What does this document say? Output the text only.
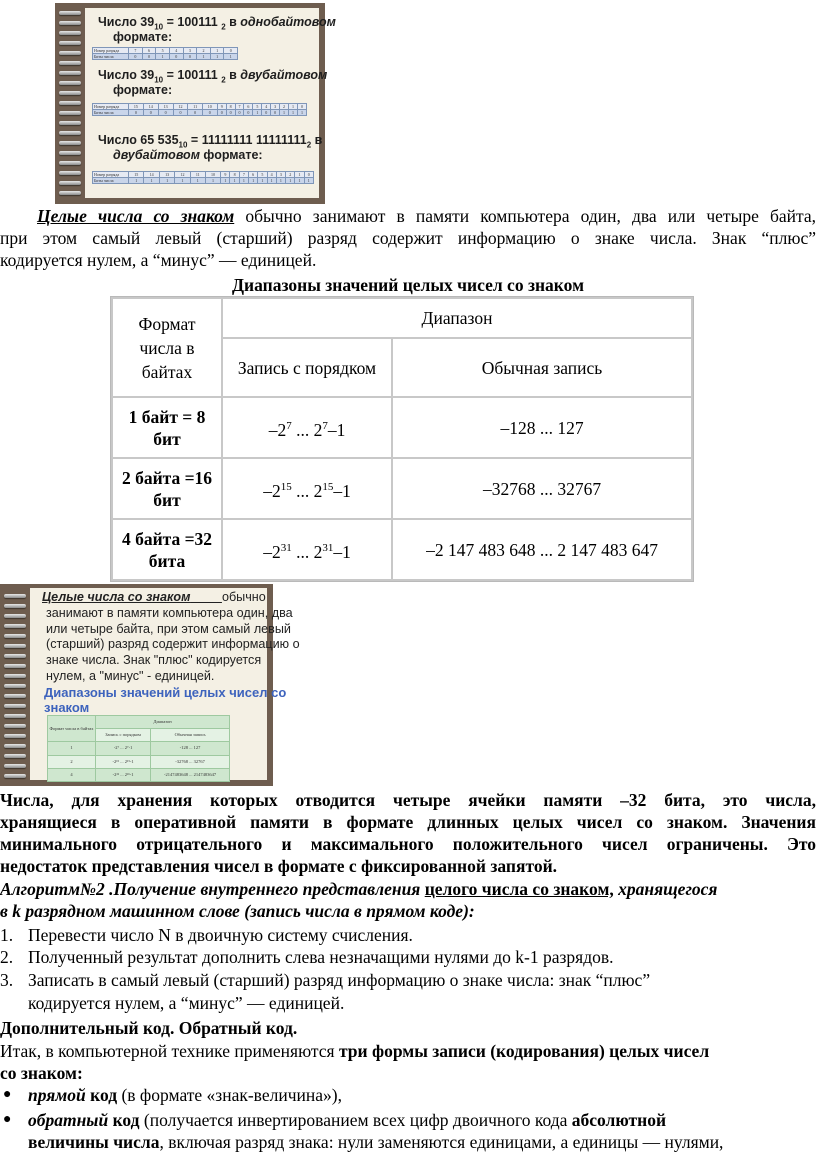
Число $39_{10} = 100111$ $_2$ в однобайтовом
формате:
Номер разряда	7	6	5	4	3	2	1	0
Биты числа	0	0	1	0	0	1	1	1
Число $39_{10} = 100111$ $_2$ в двубайтовом
формате:
Номер разряда	15	14	13	12	11	10	9	8	7	6	5	4	3	2	1	0
Биты числа	0	0	0	0	0	0	0	0	0	0	1	0	0	1	1	1
Число 65 $535_{10} = 11111111$ $11111111_2$ в
двубайтовом формате:
Номер разряда	15	14	13	12	11	10	9	8	7	6	5	4	3	2	1	0
Биты числа	1	1	1	1	1	1	1	1	1	1	1	1	1	1	1	1
Целые числа со знаком обычно занимают в памяти компьютера один, два или четыре байта,
при этом самый левый (старший) разряд содержит информацию о знаке числа. Знак “плюс”
кодируется нулем, а “минус” — единицей.
Диапазоны значений целых чисел со знаком
Формат числа в байтах	Диапазон	
	Запись с порядком	Обычная запись
1 байт = 8 бит	$-2^7$ ... $2^7-1$	–128 ... 127
2 байта =16 бит	$-2^{15}$ ... $2^{15}-1$	–32768 ... 32767
4 байта =32 бита	$-2^{31}$ ... $2^{31}-1$	–2 147 483 648 ... 2 147 483 647
Целые числа со знаком	обычно
занимают в памяти компьютера один, два
или четыре байта, при этом самый левый
(старший) разряд содержит информацию о
знаке числа. Знак "плюс" кодируется
нулем, а "минус" - единицей.
Диапазоны значений целых чисел со
знаком
Формат числа в байтах	Диапазон	
	Запись с порядком	Обычная запись
1	-2⁷ ... 2⁷-1	-128 ... 127
2	-2¹⁵ ... 2¹⁵-1	-32768 ... 32767
4	-2³¹ ... 2³¹-1	-2147483648 ... 2147483647
Числа, для хранения которых отводится четыре ячейки памяти –32 бита, это числа,
хранящиеся в оперативной памяти в формате длинных целых чисел со знаком. Значения
минимального отрицательного и максимального положительного чисел ограничены. Это
недостаток представления чисел в формате с фиксированной запятой.
Алгоритм№2 .Получение внутреннего представления целого числа со знаком, хранящегося
в k разрядном машинном слове (запись числа в прямом коде):
1. Перевести число N в двоичную систему счисления.
2. Полученный результат дополнить слева незначащими нулями до k-1 разрядов.
3. Записать в самый левый (старший) разряд информацию о знаке числа: знак “плюс”
кодируется нулем, а “минус” — единицей.
Дополнительный код. Обратный код.
Итак, в компьютерной технике применяются три формы записи (кодирования) целых чисел
со знаком:
● прямой код (в формате «знак-величина»),
● обратный код (получается инвертированием всех цифр двоичного кода абсолютной
величины числа, включая разряд знака: нули заменяются единицами, а единицы — нулями,
